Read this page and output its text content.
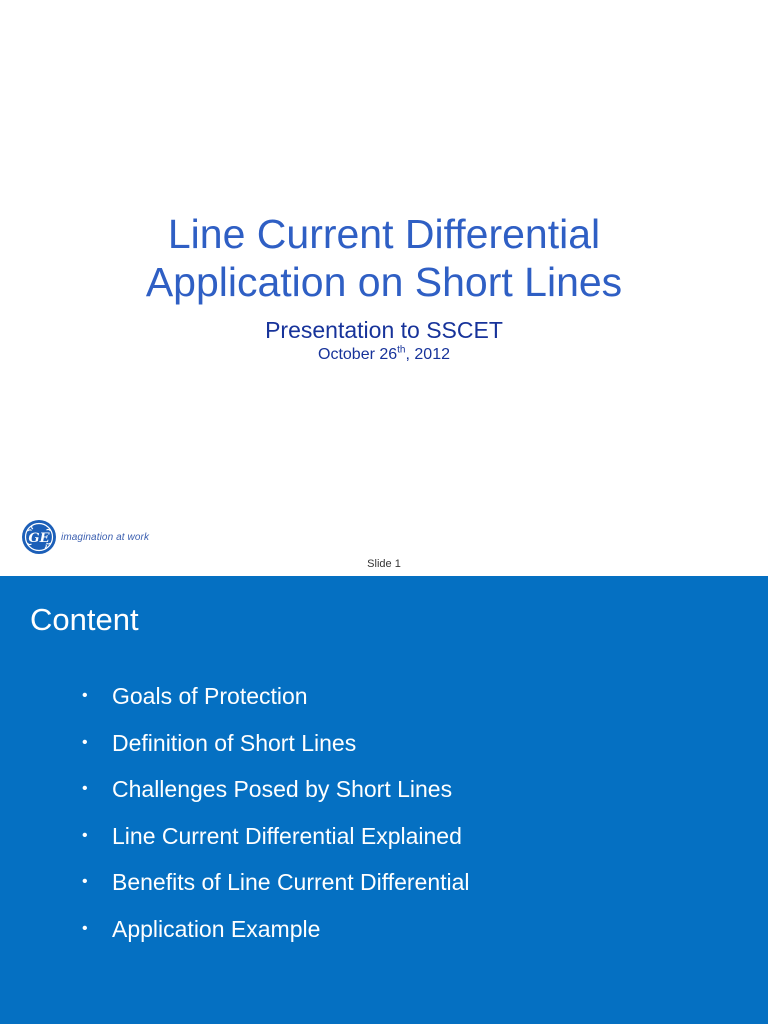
Line Current Differential
Application on Short Lines
Presentation to SSCET
October 26th, 2012
GE imagination at work
Slide 1
Content
• Goals of Protection
• Definition of Short Lines
• Challenges Posed by Short Lines
• Line Current Differential Explained
• Benefits of Line Current Differential
• Application Example
